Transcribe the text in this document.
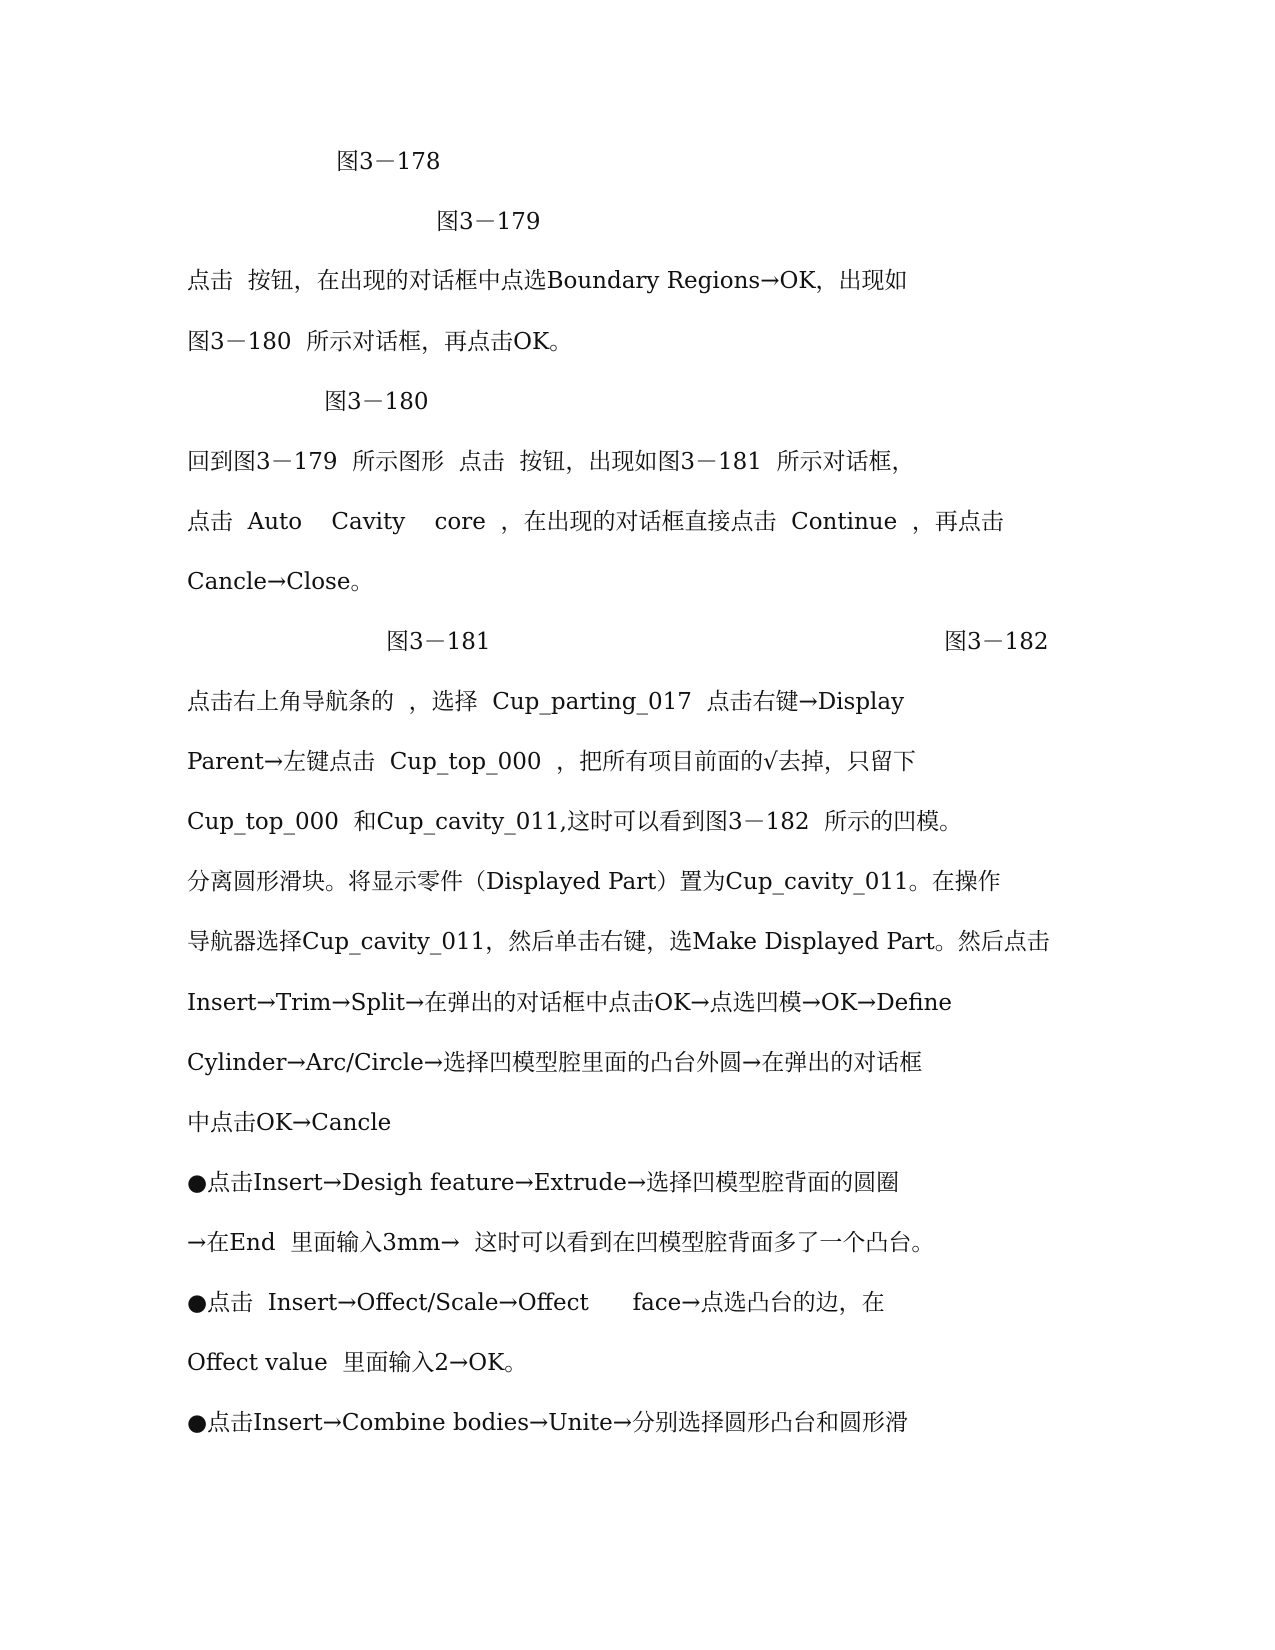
图3－178
图3－179
点击  按钮，在出现的对话框中点选Boundary Regions→OK，出现如
图3－180  所示对话框，再点击OK。
图3－180
回到图3－179  所示图形  点击  按钮，出现如图3－181  所示对话框，
点击  Auto    Cavity    core  ，在出现的对话框直接点击  Continue  ，再点击
Cancle→Close。
图3－181	图3－182
点击右上角导航条的  ，选择  Cup_parting_017  点击右键→Display
Parent→左键点击  Cup_top_000  ，把所有项目前面的√去掉，只留下
Cup_top_000  和Cup_cavity_011,这时可以看到图3－182  所示的凹模。
分离圆形滑块。将显示零件（Displayed Part）置为Cup_cavity_011。在操作
导航器选择Cup_cavity_011，然后单击右键，选Make Displayed Part。然后点击
Insert→Trim→Split→在弹出的对话框中点击OK→点选凹模→OK→Define
Cylinder→Arc/Circle→选择凹模型腔里面的凸台外圆→在弹出的对话框
中点击OK→Cancle
●点击Insert→Desigh feature→Extrude→选择凹模型腔背面的圆圈
→在End  里面输入3mm→  这时可以看到在凹模型腔背面多了一个凸台。
●点击  Insert→Offect/Scale→Offect      face→点选凸台的边，在
Offect value  里面输入2→OK。
●点击Insert→Combine bodies→Unite→分别选择圆形凸台和圆形滑
